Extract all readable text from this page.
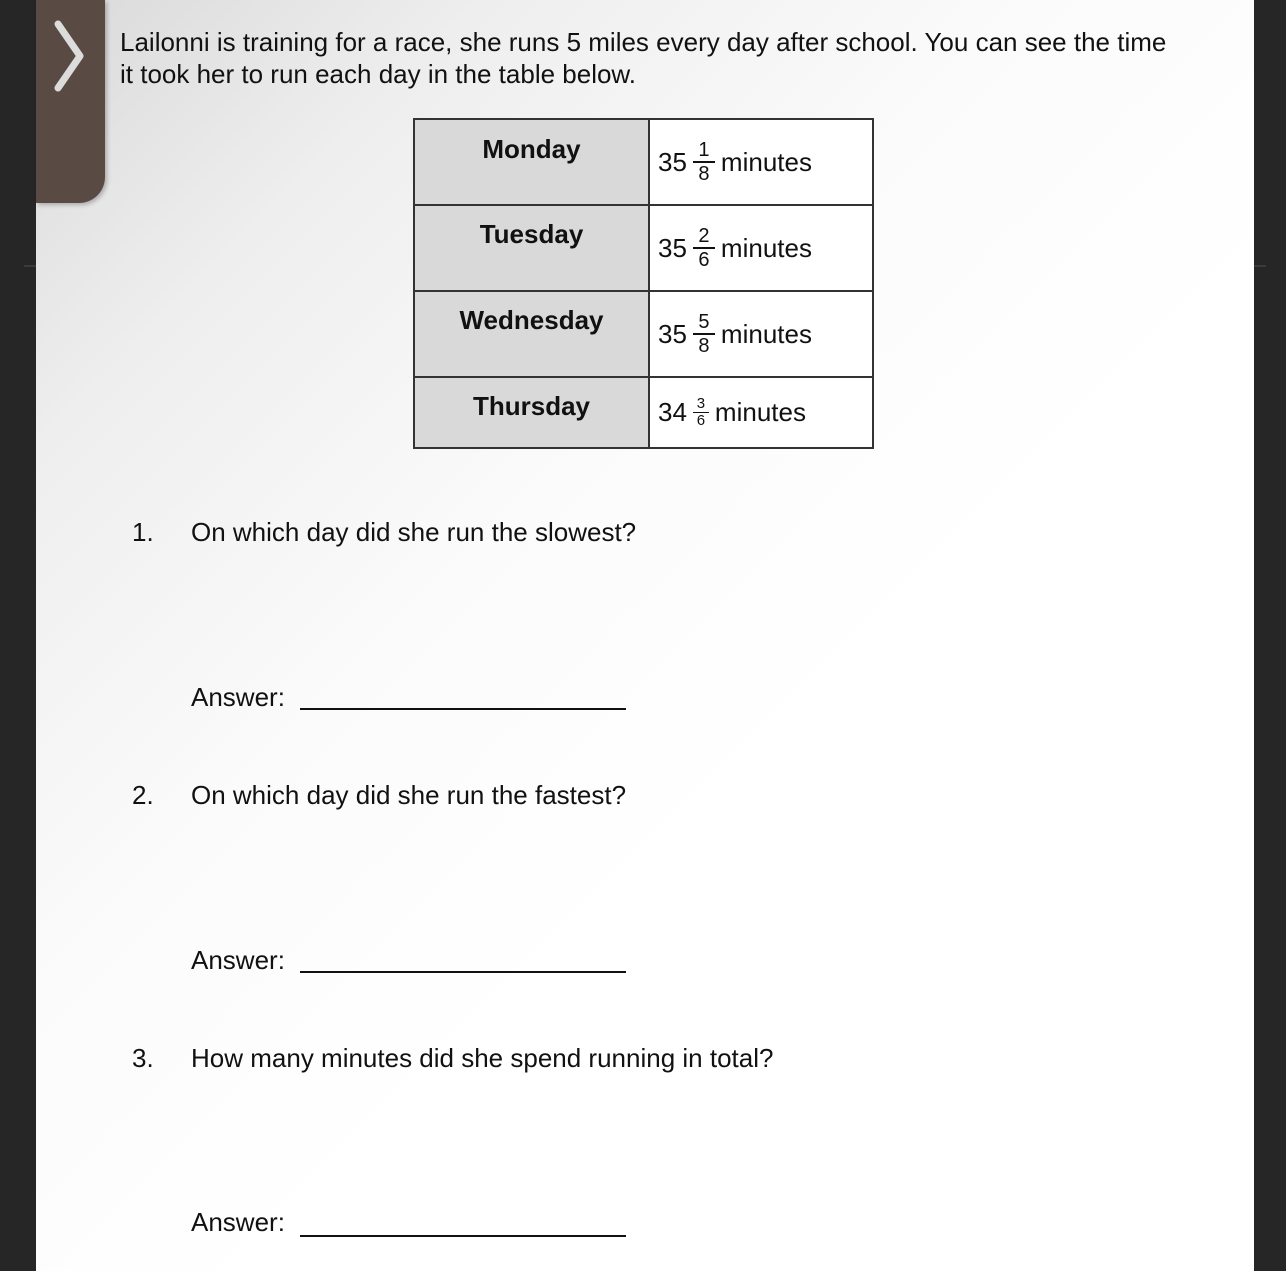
Lailonni is training for a race, she runs 5 miles every day after school. You can see the time it took her to run each day in the table below.

Monday	$35 \frac{1}{8}$ minutes

Tuesday	$35 \frac{2}{6}$ minutes

Wednesday	$35 \frac{5}{8}$ minutes

Thursday	$34 \frac{3}{6}$ minutes
1. On which day did she run the slowest?
Answer:
2. On which day did she run the fastest?
Answer:
3. How many minutes did she spend running in total?
Answer:
